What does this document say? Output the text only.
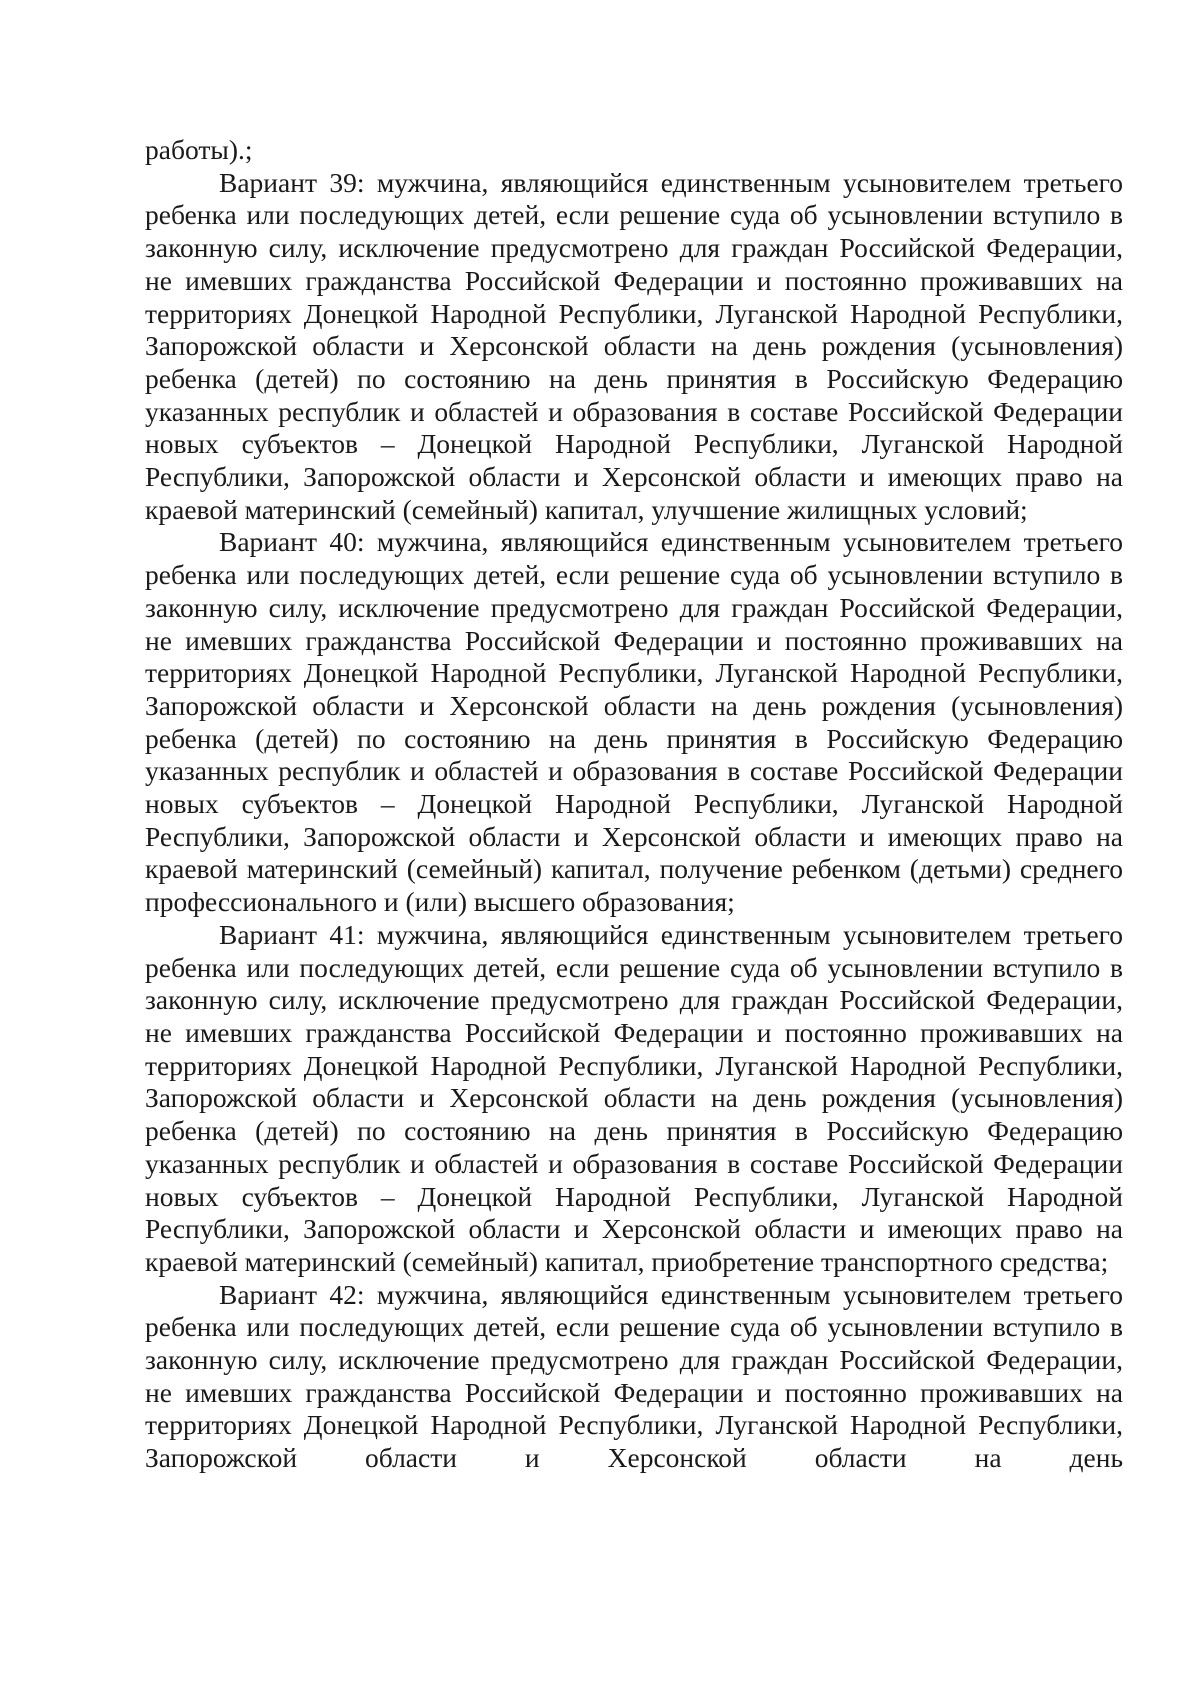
работы).;

Вариант 39: мужчина, являющийся единственным усыновителем третьего ребенка или последующих детей, если решение суда об усыновлении вступило в законную силу, исключение предусмотрено для граждан Российской Федерации, не имевших гражданства Российской Федерации и постоянно проживавших на территориях Донецкой Народной Республики, Луганской Народной Республики, Запорожской области и Херсонской области на день рождения (усыновления) ребенка (детей) по состоянию на день принятия в Российскую Федерацию указанных республик и областей и образования в составе Российской Федерации новых субъектов – Донецкой Народной Республики, Луганской Народной Республики, Запорожской области и Херсонской области и имеющих право на краевой материнский (семейный) капитал, улучшение жилищных условий;

Вариант 40: мужчина, являющийся единственным усыновителем третьего ребенка или последующих детей, если решение суда об усыновлении вступило в законную силу, исключение предусмотрено для граждан Российской Федерации, не имевших гражданства Российской Федерации и постоянно проживавших на территориях Донецкой Народной Республики, Луганской Народной Республики, Запорожской области и Херсонской области на день рождения (усыновления) ребенка (детей) по состоянию на день принятия в Российскую Федерацию указанных республик и областей и образования в составе Российской Федерации новых субъектов – Донецкой Народной Республики, Луганской Народной Республики, Запорожской области и Херсонской области и имеющих право на краевой материнский (семейный) капитал, получение ребенком (детьми) среднего профессионального и (или) высшего образования;

Вариант 41: мужчина, являющийся единственным усыновителем третьего ребенка или последующих детей, если решение суда об усыновлении вступило в законную силу, исключение предусмотрено для граждан Российской Федерации, не имевших гражданства Российской Федерации и постоянно проживавших на территориях Донецкой Народной Республики, Луганской Народной Республики, Запорожской области и Херсонской области на день рождения (усыновления) ребенка (детей) по состоянию на день принятия в Российскую Федерацию указанных республик и областей и образования в составе Российской Федерации новых субъектов – Донецкой Народной Республики, Луганской Народной Республики, Запорожской области и Херсонской области и имеющих право на краевой материнский (семейный) капитал, приобретение транспортного средства;

Вариант 42: мужчина, являющийся единственным усыновителем третьего ребенка или последующих детей, если решение суда об усыновлении вступило в законную силу, исключение предусмотрено для граждан Российской Федерации, не имевших гражданства Российской Федерации и постоянно проживавших на территориях Донецкой Народной Республики, Луганской Народной Республики, Запорожской области и Херсонской области на день
